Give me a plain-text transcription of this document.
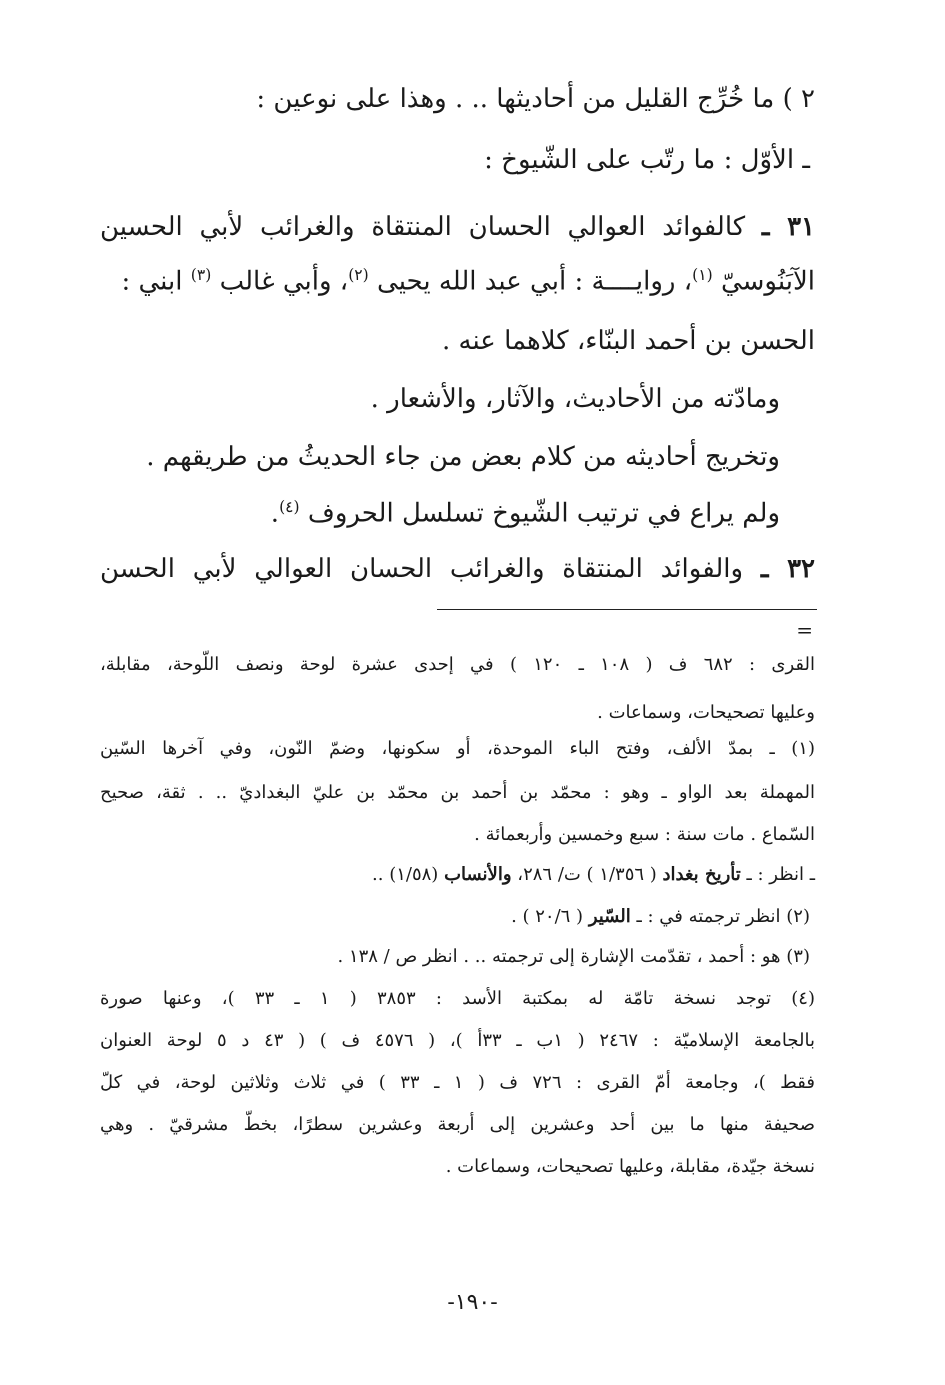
٢ ) ما خُرِّج القليل من أحاديثها .. . وهذا على نوعين :
ـ الأوّل : ما رتّب على الشّيوخ :
٣١ ـ كالفوائد العوالي الحسان المنتقاة والغرائب لأبي الحسين
الآبَنُوسيّ $^{(١)}$، روايــــة : أبي عبد الله يحيى $^{(٢)}$، وأبي غالب $^{(٣)}$ ابني :
الحسن بن أحمد البنّاء، كلاهما عنه .
ومادّته من الأحاديث، والآثار، والأشعار .
وتخريج أحاديثه من كلام بعض من جاء الحديثُ من طريقهم .
ولم يراع في ترتيب الشّيوخ تسلسل الحروف $^{(٤)}$.
٣٢ ـ والفوائد المنتقاة والغرائب الحسان العوالي لأبي الحسن
=
القرى : ٦٨٢ ف ( ١٠٨ ـ ١٢٠ ) في إحدى عشرة لوحة ونصف اللّوحة، مقابلة،
وعليها تصحيحات، وسماعات .
(١) ـ بمدّ الألف، وفتح الباء الموحدة، أو سكونها، وضمّ النّون، وفي آخرها السّين
المهملة بعد الواو ـ وهو : محمّد بن أحمد بن محمّد بن عليّ البغداديّ .. . ثقة، صحيح
السّماع . مات سنة : سبع وخمسين وأربعمائة .
ـ انظر : ـ تأريخ بغداد ( ١/٣٥٦ ) ت/ ٢٨٦، والأنساب (١/٥٨) ..
(٢) انظر ترجمته في : ـ السّير ( ٢٠/٦ ) .
(٣) هو : أحمد ، تقدّمت الإشارة إلى ترجمته .. . انظر ص / ١٣٨ .
(٤) توجد نسخة تامّة له بمكتبة الأسد : ٣٨٥٣ ( ١ ـ ٣٣ )، وعنها صورة
بالجامعة الإسلاميّة : ٢٤٦٧ ( ١ب ـ ٣٣أ )، ( ٤٥٧٦ ف ) ( ٤٣ د ٥ لوحة العنوان
فقط )، وجامعة أمّ القرى : ٧٢٦ ف ( ١ ـ ٣٣ ) في ثلاث وثلاثين لوحة، في كلّ
صحيفة منها ما بين أحد وعشرين إلى أربعة وعشرين سطرًا، بخطّ مشرقيّ . وهي
نسخة جيّدة، مقابلة، وعليها تصحيحات، وسماعات .
-١٩٠-
